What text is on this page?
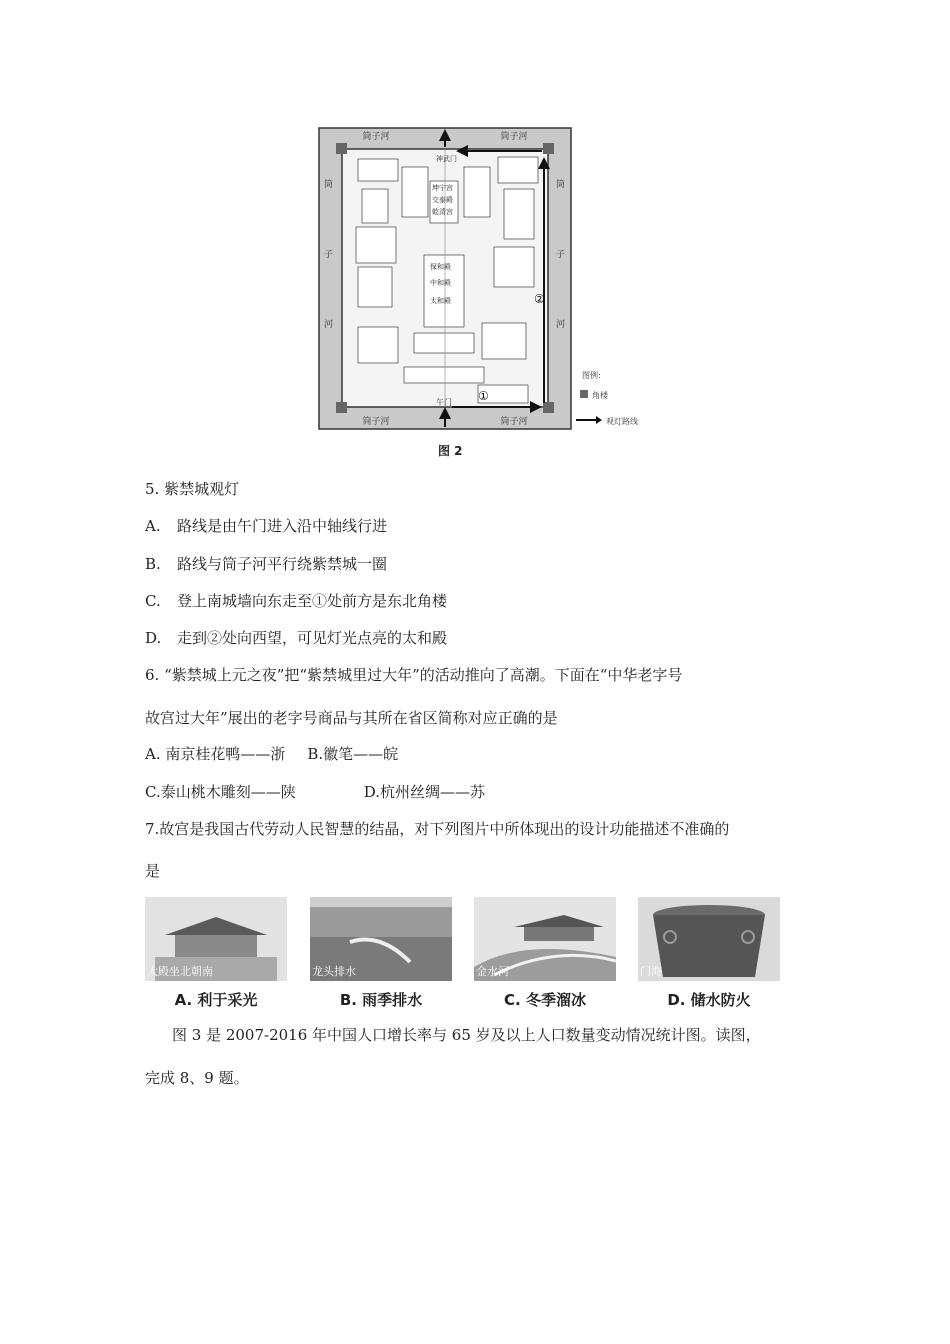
筒子河	筒子河
筒子河	筒子河
筒
子
河
筒
子
河
午门
神武门
坤宁宫
交泰殿
乾清宫
保和殿
中和殿
太和殿
①
②
图例:
角楼
观灯路线
图 2
5. 紫禁城观灯
A. 路线是由午门进入沿中轴线行进
B. 路线与筒子河平行绕紫禁城一圈
C. 登上南城墙向东走至①处前方是东北角楼
D. 走到②处向西望，可见灯光点亮的太和殿
6. “紫禁城上元之夜”把“紫禁城里过大年”的活动推向了高潮。下面在“中华老字号
故宫过大年”展出的老字号商品与其所在省区简称对应正确的是
A. 南京桂花鸭——浙 B.徽笔——皖
C.泰山桃木雕刻——陕	D.杭州丝绸——苏
7.故宫是我国古代劳动人民智慧的结晶，对下列图片中所体现出的设计功能描述不准确的
是
大殿坐北朝南	龙头排水	金水河	门海
A. 利于采光	B. 雨季排水	C. 冬季溜冰	D. 储水防火
图 3 是 2007-2016 年中国人口增长率与 65 岁及以上人口数量变动情况统计图。读图，
完成 8、9 题。
